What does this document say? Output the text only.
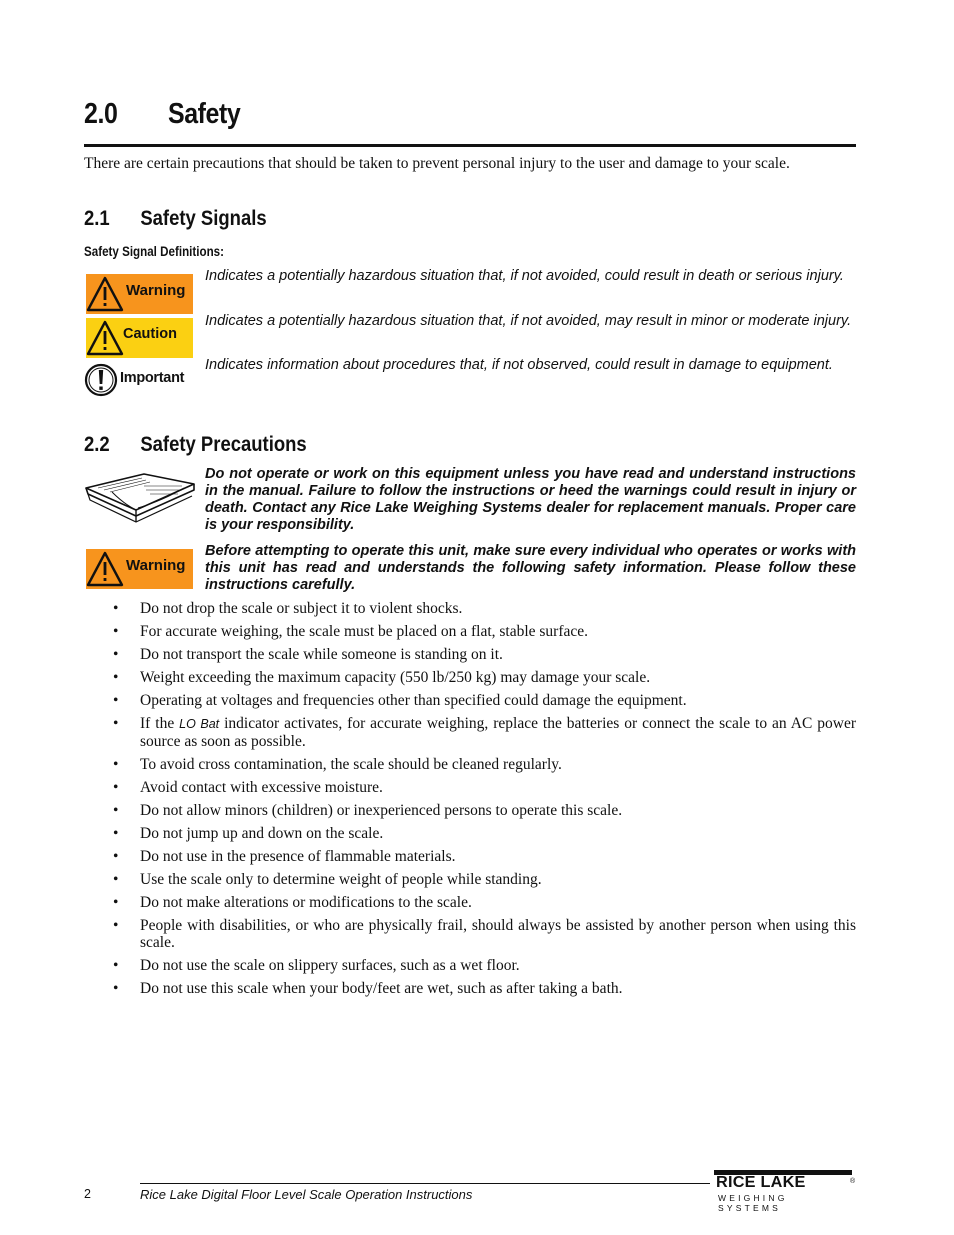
2.0 Safety

There are certain precautions that should be taken to prevent personal injury to the user and damage to your scale.

2.1 Safety Signals
Safety Signal Definitions:
Warning
Indicates a potentially hazardous situation that, if not avoided, could result in death or serious injury.
Caution
Indicates a potentially hazardous situation that, if not avoided, may result in minor or moderate injury.
Important
Indicates information about procedures that, if not observed, could result in damage to equipment.
2.2 Safety Precautions
Do not operate or work on this equipment unless you have read and understand instructions in the manual. Failure to follow the instructions or heed the warnings could result in injury or death. Contact any Rice Lake Weighing Systems dealer for replacement manuals. Proper care is your responsibility.
Warning
Before attempting to operate this unit, make sure every individual who operates or works with this unit has read and understands the following safety information. Please follow these instructions carefully.
• Do not drop the scale or subject it to violent shocks.
• For accurate weighing, the scale must be placed on a flat, stable surface.
• Do not transport the scale while someone is standing on it.
• Weight exceeding the maximum capacity (550 lb/250 kg) may damage your scale.
• Operating at voltages and frequencies other than specified could damage the equipment.
• If the LO Bat indicator activates, for accurate weighing, replace the batteries or connect the scale to an AC power source as soon as possible.
• To avoid cross contamination, the scale should be cleaned regularly.
• Avoid contact with excessive moisture.
• Do not allow minors (children) or inexperienced persons to operate this scale.
• Do not jump up and down on the scale.
• Do not use in the presence of flammable materials.
• Use the scale only to determine weight of people while standing.
• Do not make alterations or modifications to the scale.
• People with disabilities, or who are physically frail, should always be assisted by another person when using this scale.
• Do not use the scale on slippery surfaces, such as a wet floor.
• Do not use this scale when your body/feet are wet, such as after taking a bath.
2	Rice Lake Digital Floor Level Scale Operation Instructions
RICE LAKE	®
WEIGHING SYSTEMS
